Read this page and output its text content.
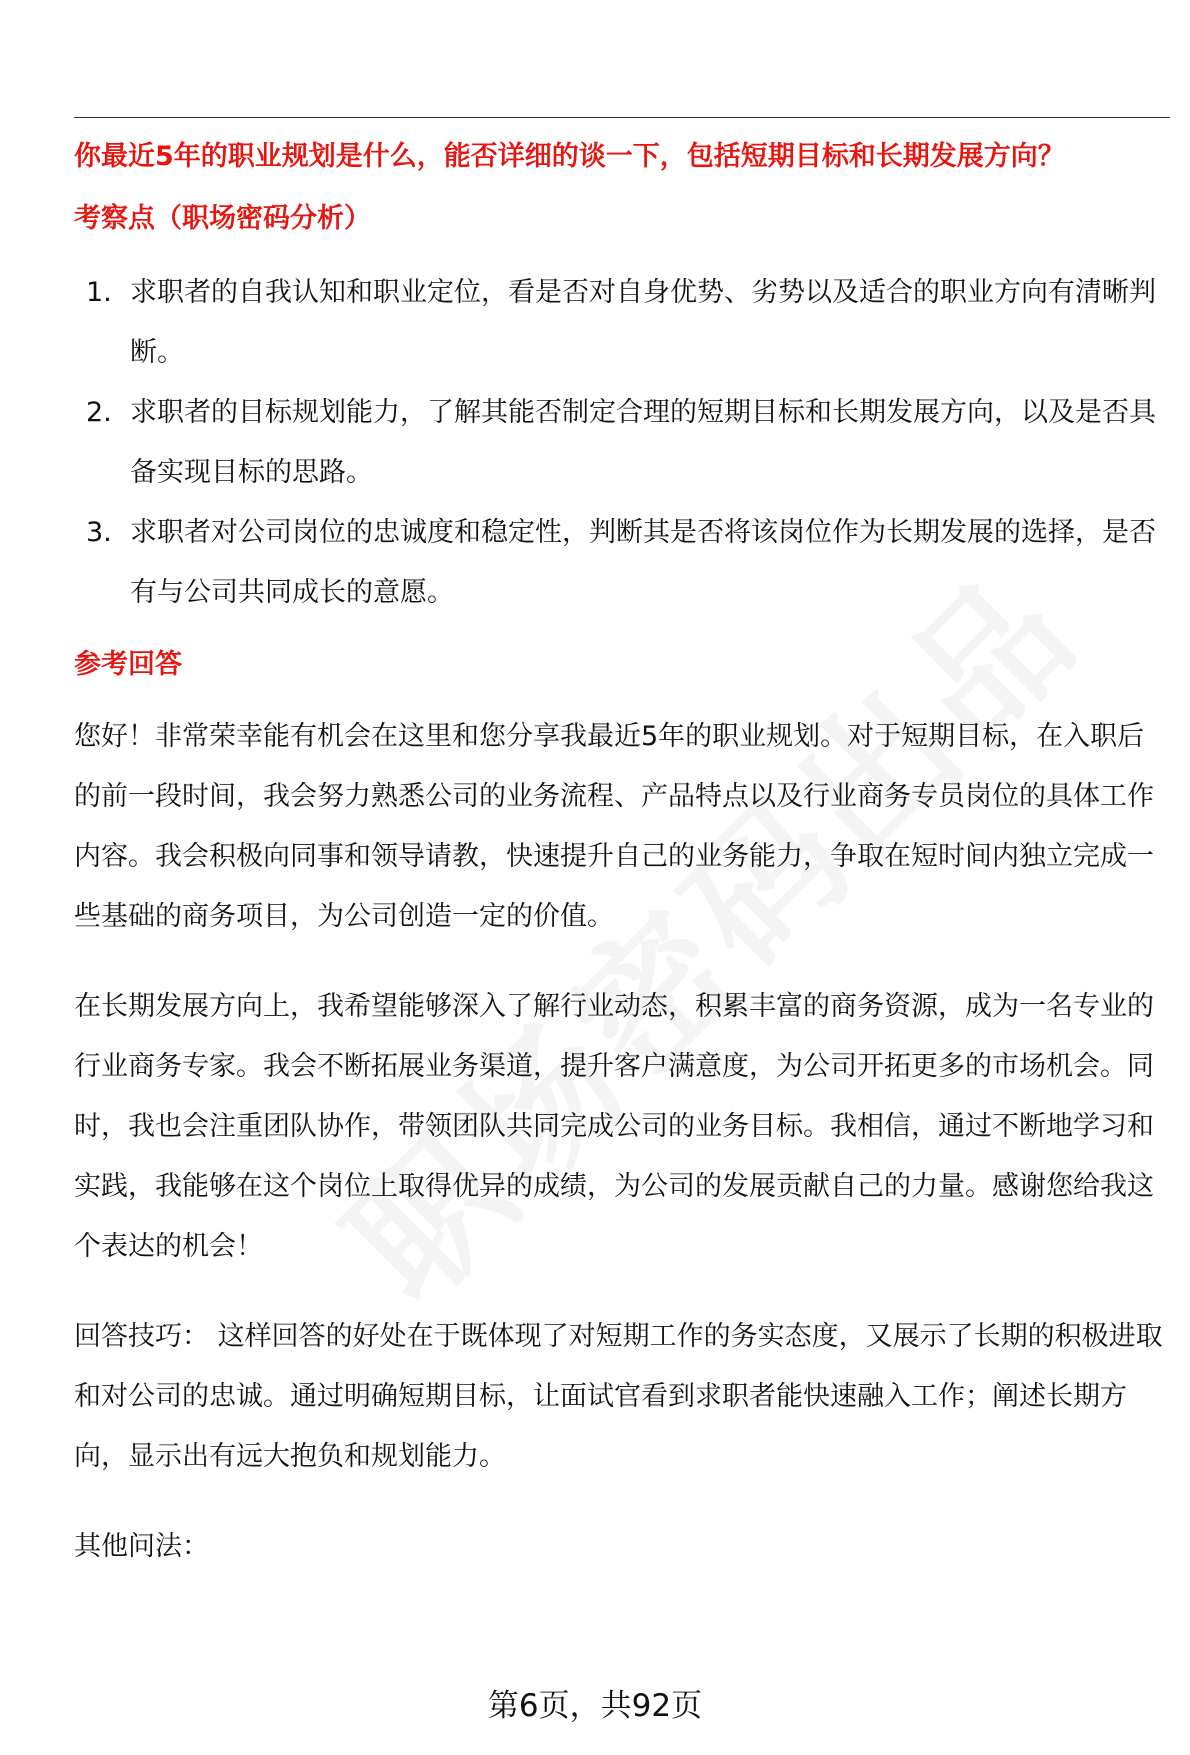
你最近5年的职业规划是什么，能否详细的谈一下，包括短期目标和长期发展方向？

考察点（职场密码分析）

1. 求职者的自我认知和职业定位，看是否对自身优势、劣势以及适合的职业方向有清晰判断。
2. 求职者的目标规划能力，了解其能否制定合理的短期目标和长期发展方向，以及是否具备实现目标的思路。
3. 求职者对公司岗位的忠诚度和稳定性，判断其是否将该岗位作为长期发展的选择，是否有与公司共同成长的意愿。

参考回答

您好！非常荣幸能有机会在这里和您分享我最近5年的职业规划。对于短期目标，在入职后的前一段时间，我会努力熟悉公司的业务流程、产品特点以及行业商务专员岗位的具体工作内容。我会积极向同事和领导请教，快速提升自己的业务能力，争取在短时间内独立完成一些基础的商务项目，为公司创造一定的价值。

在长期发展方向上，我希望能够深入了解行业动态，积累丰富的商务资源，成为一名专业的行业商务专家。我会不断拓展业务渠道，提升客户满意度，为公司开拓更多的市场机会。同时，我也会注重团队协作，带领团队共同完成公司的业务目标。我相信，通过不断地学习和实践，我能够在这个岗位上取得优异的成绩，为公司的发展贡献自己的力量。感谢您给我这个表达的机会！

回答技巧： 这样回答的好处在于既体现了对短期工作的务实态度，又展示了长期的积极进取和对公司的忠诚。通过明确短期目标，让面试官看到求职者能快速融入工作；阐述长期方向，显示出有远大抱负和规划能力。

其他问法：

第6页，共92页
